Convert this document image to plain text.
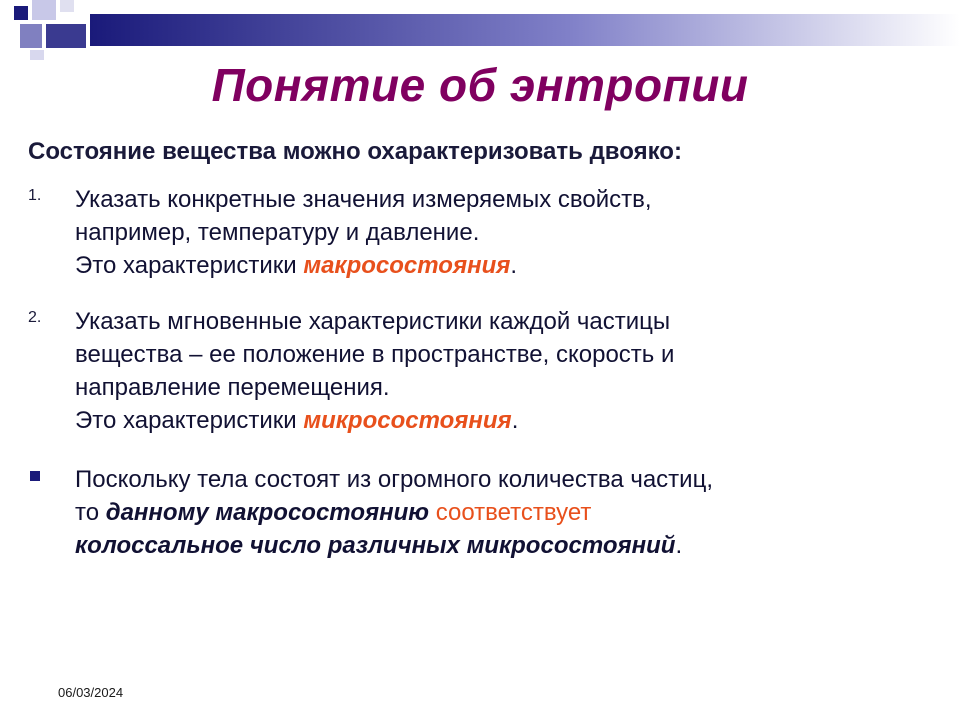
Понятие об энтропии
Состояние вещества можно охарактеризовать двояко:
1. Указать конкретные значения измеряемых свойств,
например, температуру и давление.
Это характеристики макросостояния.
2. Указать мгновенные характеристики каждой частицы
вещества – ее положение в пространстве, скорость и
направление перемещения.
Это характеристики микросостояния.
Поскольку тела состоят из огромного количества частиц,
то данному макросостоянию соответствует
колоссальное число различных микросостояний.
06/03/2024
